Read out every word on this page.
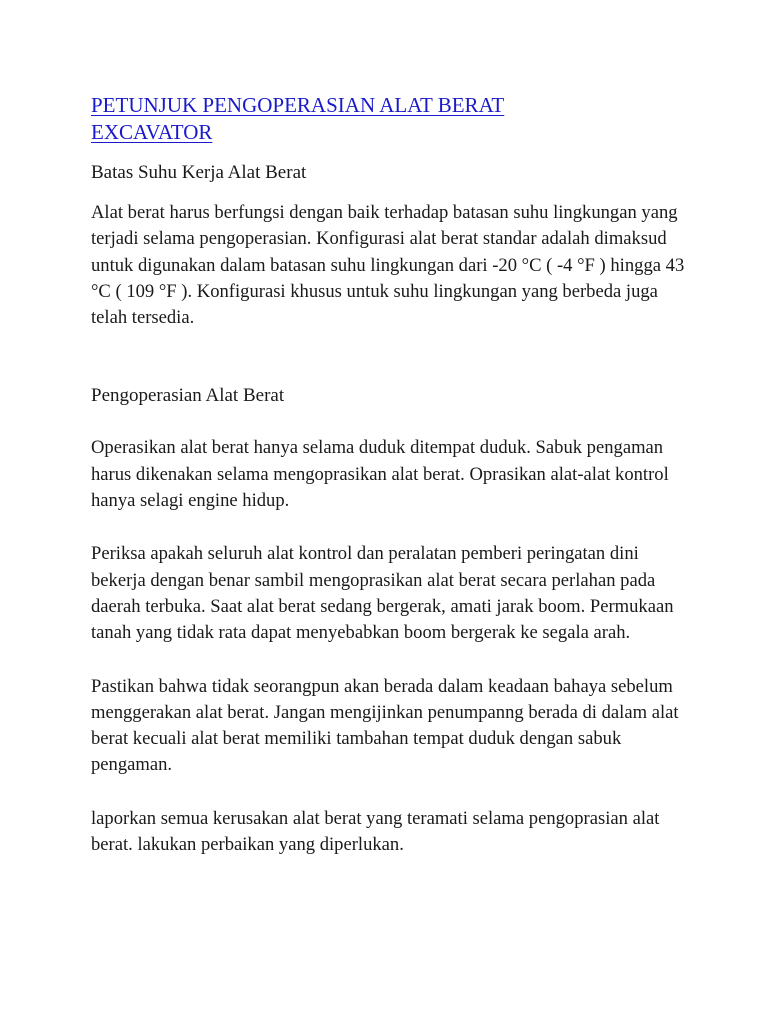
PETUNJUK PENGOPERASIAN ALAT BERAT EXCAVATOR
Batas Suhu Kerja Alat Berat

Alat berat harus berfungsi dengan baik terhadap batasan suhu lingkungan yang terjadi selama pengoperasian. Konfigurasi alat berat standar adalah dimaksud untuk digunakan dalam batasan suhu lingkungan dari -20 °C ( -4 °F ) hingga 43 °C ( 109 °F ). Konfigurasi khusus untuk suhu lingkungan yang berbeda juga telah tersedia.

Pengoperasian Alat Berat

Operasikan alat berat hanya selama duduk ditempat duduk. Sabuk pengaman harus dikenakan selama mengoprasikan alat berat. Oprasikan alat-alat kontrol hanya selagi engine hidup.

Periksa apakah seluruh alat kontrol dan peralatan pemberi peringatan dini bekerja dengan benar sambil mengoprasikan alat berat secara perlahan pada daerah terbuka. Saat alat berat sedang bergerak, amati jarak boom. Permukaan tanah yang tidak rata dapat menyebabkan boom bergerak ke segala arah.

Pastikan bahwa tidak seorangpun akan berada dalam keadaan bahaya sebelum menggerakan alat berat. Jangan mengijinkan penumpanng berada di dalam alat berat kecuali alat berat memiliki tambahan tempat duduk dengan sabuk pengaman.

laporkan semua kerusakan alat berat yang teramati selama pengoprasian alat berat. lakukan perbaikan yang diperlukan.
